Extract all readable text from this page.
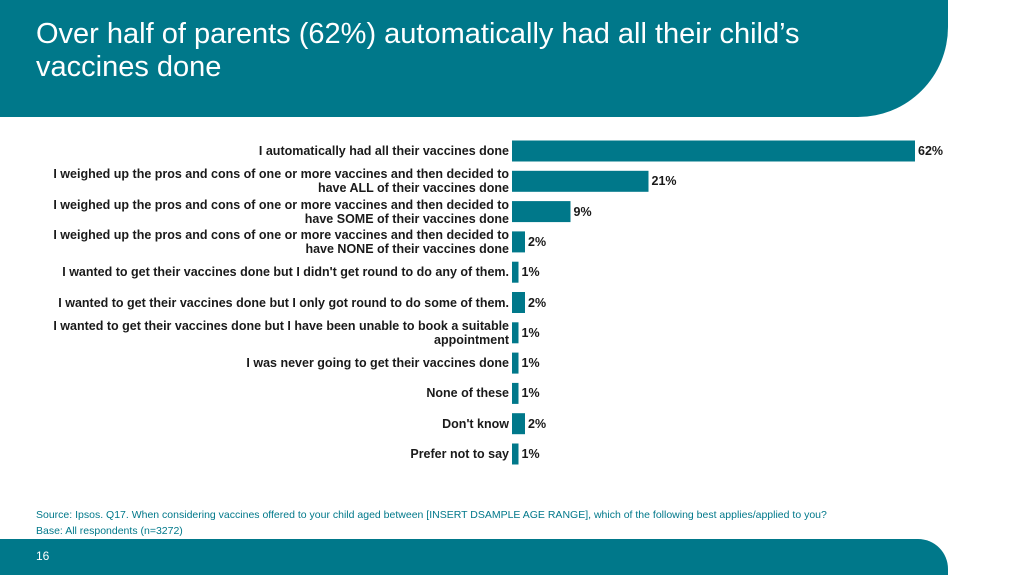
Over half of parents (62%) automatically had all their child’s vaccines done
I automatically had all their vaccines done	62%
I weighed up the pros and cons of one or more vaccines and then decided to have ALL of their vaccines done	21%
I weighed up the pros and cons of one or more vaccines and then decided to have SOME of their vaccines done	9%
I weighed up the pros and cons of one or more vaccines and then decided to have NONE of their vaccines done 2%
I wanted to get their vaccines done but I didn't get round to do any of them. 1%
I wanted to get their vaccines done but I only got round to do some of them. 2%
I wanted to get their vaccines done but I have been unable to book a suitable appointment 1%
I was never going to get their vaccines done 1%
None of these 1%
Don't know 2%
Prefer not to say 1%
Source: Ipsos. Q17. When considering vaccines offered to your child aged between [INSERT DSAMPLE AGE RANGE], which of the following best applies/applied to you?
Base: All respondents (n=3272)
16
